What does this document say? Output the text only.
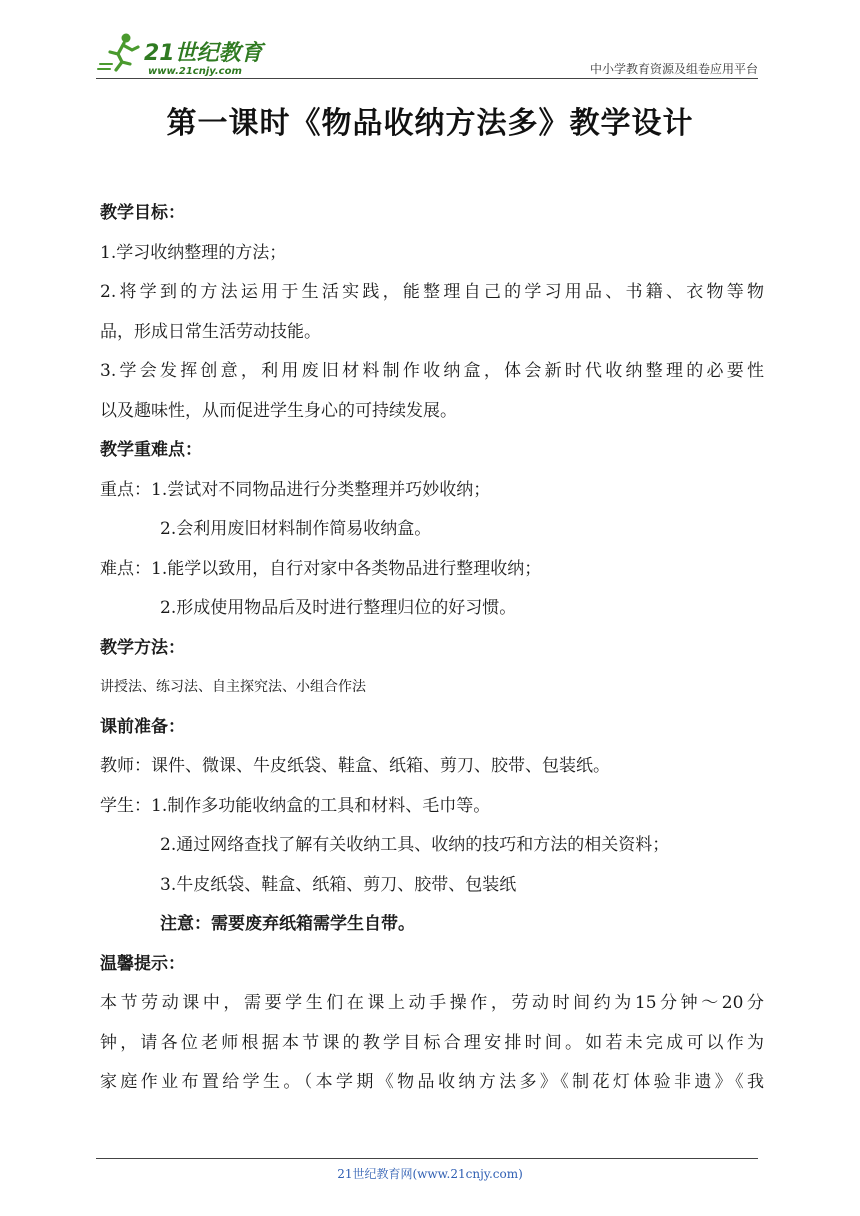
21世纪教育
www.21cnjy.com	中小学教育资源及组卷应用平台
第一课时《物品收纳方法多》教学设计
教学目标：
1.学习收纳整理的方法；
2.将学到的方法运用于生活实践，能整理自己的学习用品、书籍、衣物等物
品，形成日常生活劳动技能。
3.学会发挥创意，利用废旧材料制作收纳盒，体会新时代收纳整理的必要性
以及趣味性，从而促进学生身心的可持续发展。
教学重难点：
重点：1.尝试对不同物品进行分类整理并巧妙收纳；
2.会利用废旧材料制作简易收纳盒。
难点：1.能学以致用，自行对家中各类物品进行整理收纳；
2.形成使用物品后及时进行整理归位的好习惯。
教学方法：
讲授法、练习法、自主探究法、小组合作法
课前准备：
教师：课件、微课、牛皮纸袋、鞋盒、纸箱、剪刀、胶带、包装纸。
学生：1.制作多功能收纳盒的工具和材料、毛巾等。
2.通过网络查找了解有关收纳工具、收纳的技巧和方法的相关资料；
3.牛皮纸袋、鞋盒、纸箱、剪刀、胶带、包装纸
注意：需要废弃纸箱需学生自带。
温馨提示：
本节劳动课中，需要学生们在课上动手操作，劳动时间约为15分钟～20分
钟，请各位老师根据本节课的教学目标合理安排时间。如若未完成可以作为
家庭作业布置给学生。（本学期《物品收纳方法多》《制花灯体验非遗》《我
21世纪教育网(www.21cnjy.com)
